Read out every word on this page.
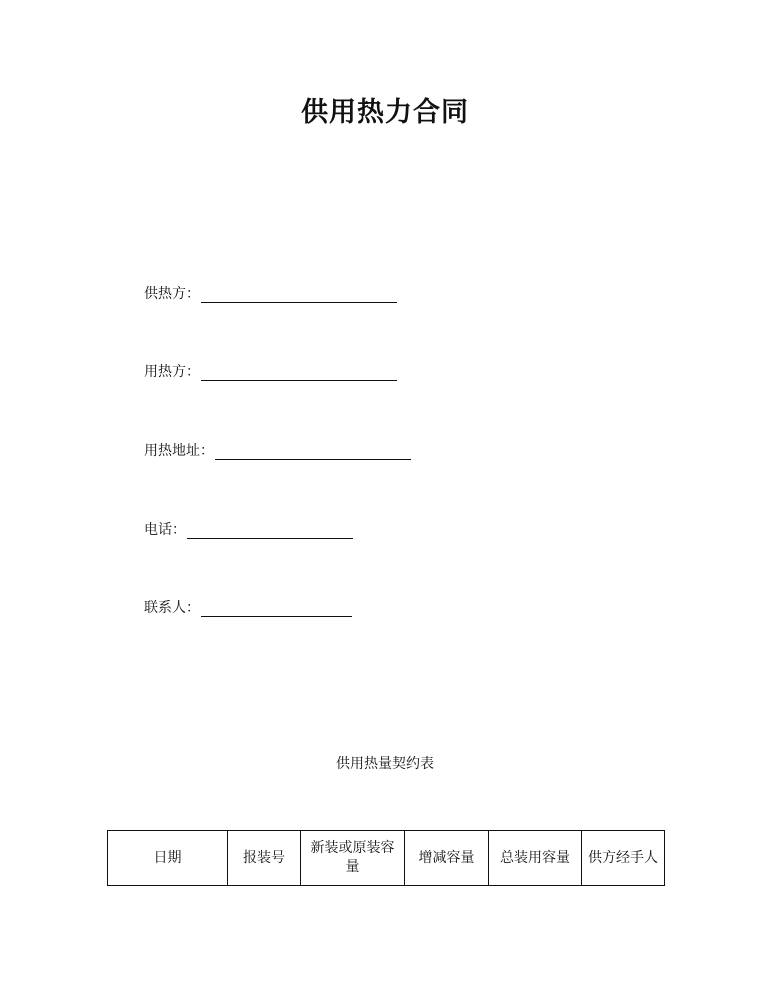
供用热力合同
供热方：
用热方：
用热地址：
电话：
联系人：
供用热量契约表
日期	报装号	新装或原装容量	增减容量	总装用容量	供方经手人
